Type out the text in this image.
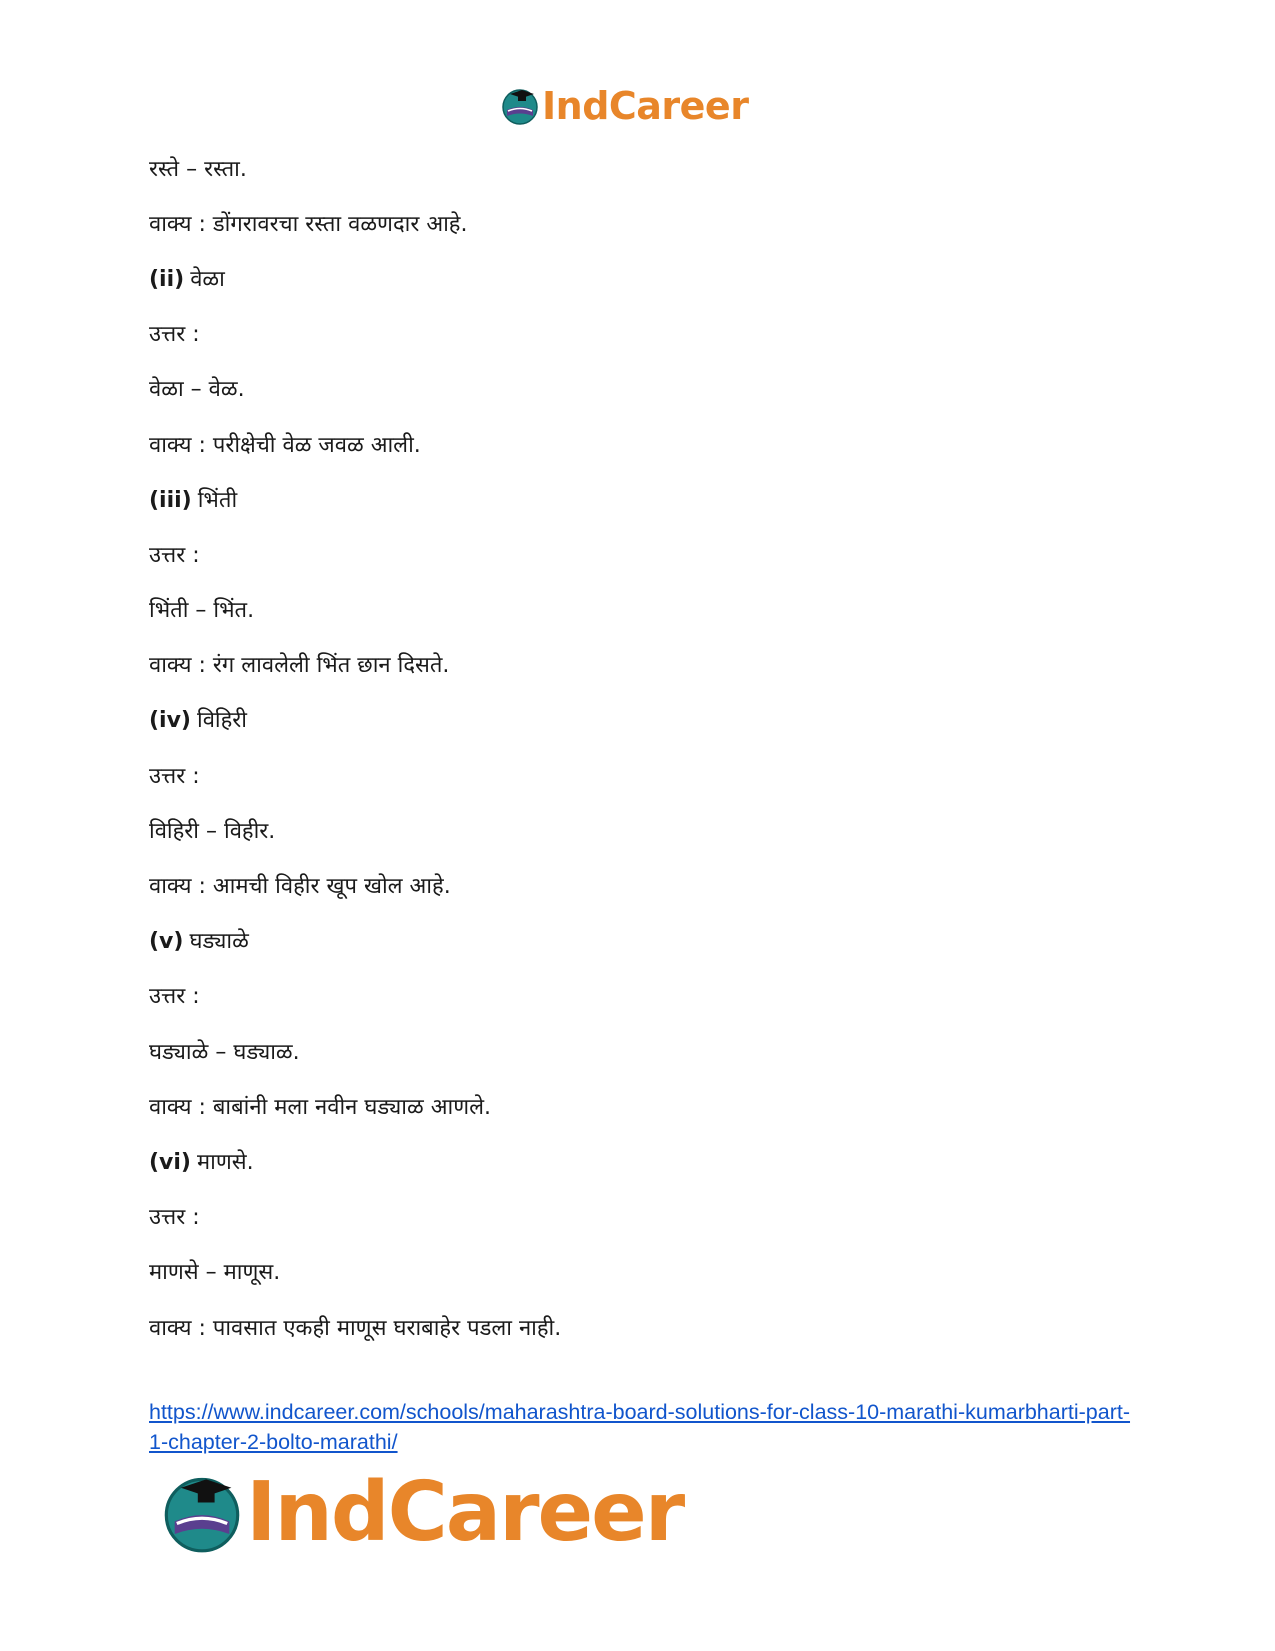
IndCareer
रस्ते – रस्ता.
वाक्य : डोंगरावरचा रस्ता वळणदार आहे.
(ii) वेळा
उत्तर :
वेळा – वेळ.
वाक्य : परीक्षेची वेळ जवळ आली.
(iii) भिंती
उत्तर :
भिंती – भिंत.
वाक्य : रंग लावलेली भिंत छान दिसते.
(iv) विहिरी
उत्तर :
विहिरी – विहीर.
वाक्य : आमची विहीर खूप खोल आहे.
(v) घड्याळे
उत्तर :
घड्याळे – घड्याळ.
वाक्य : बाबांनी मला नवीन घड्याळ आणले.
(vi) माणसे.
उत्तर :
माणसे – माणूस.
वाक्य : पावसात एकही माणूस घराबाहेर पडला नाही.
https://www.indcareer.com/schools/maharashtra-board-solutions-for-class-10-marathi-kumarbharti-part-1-chapter-2-bolto-marathi/
IndCareer
